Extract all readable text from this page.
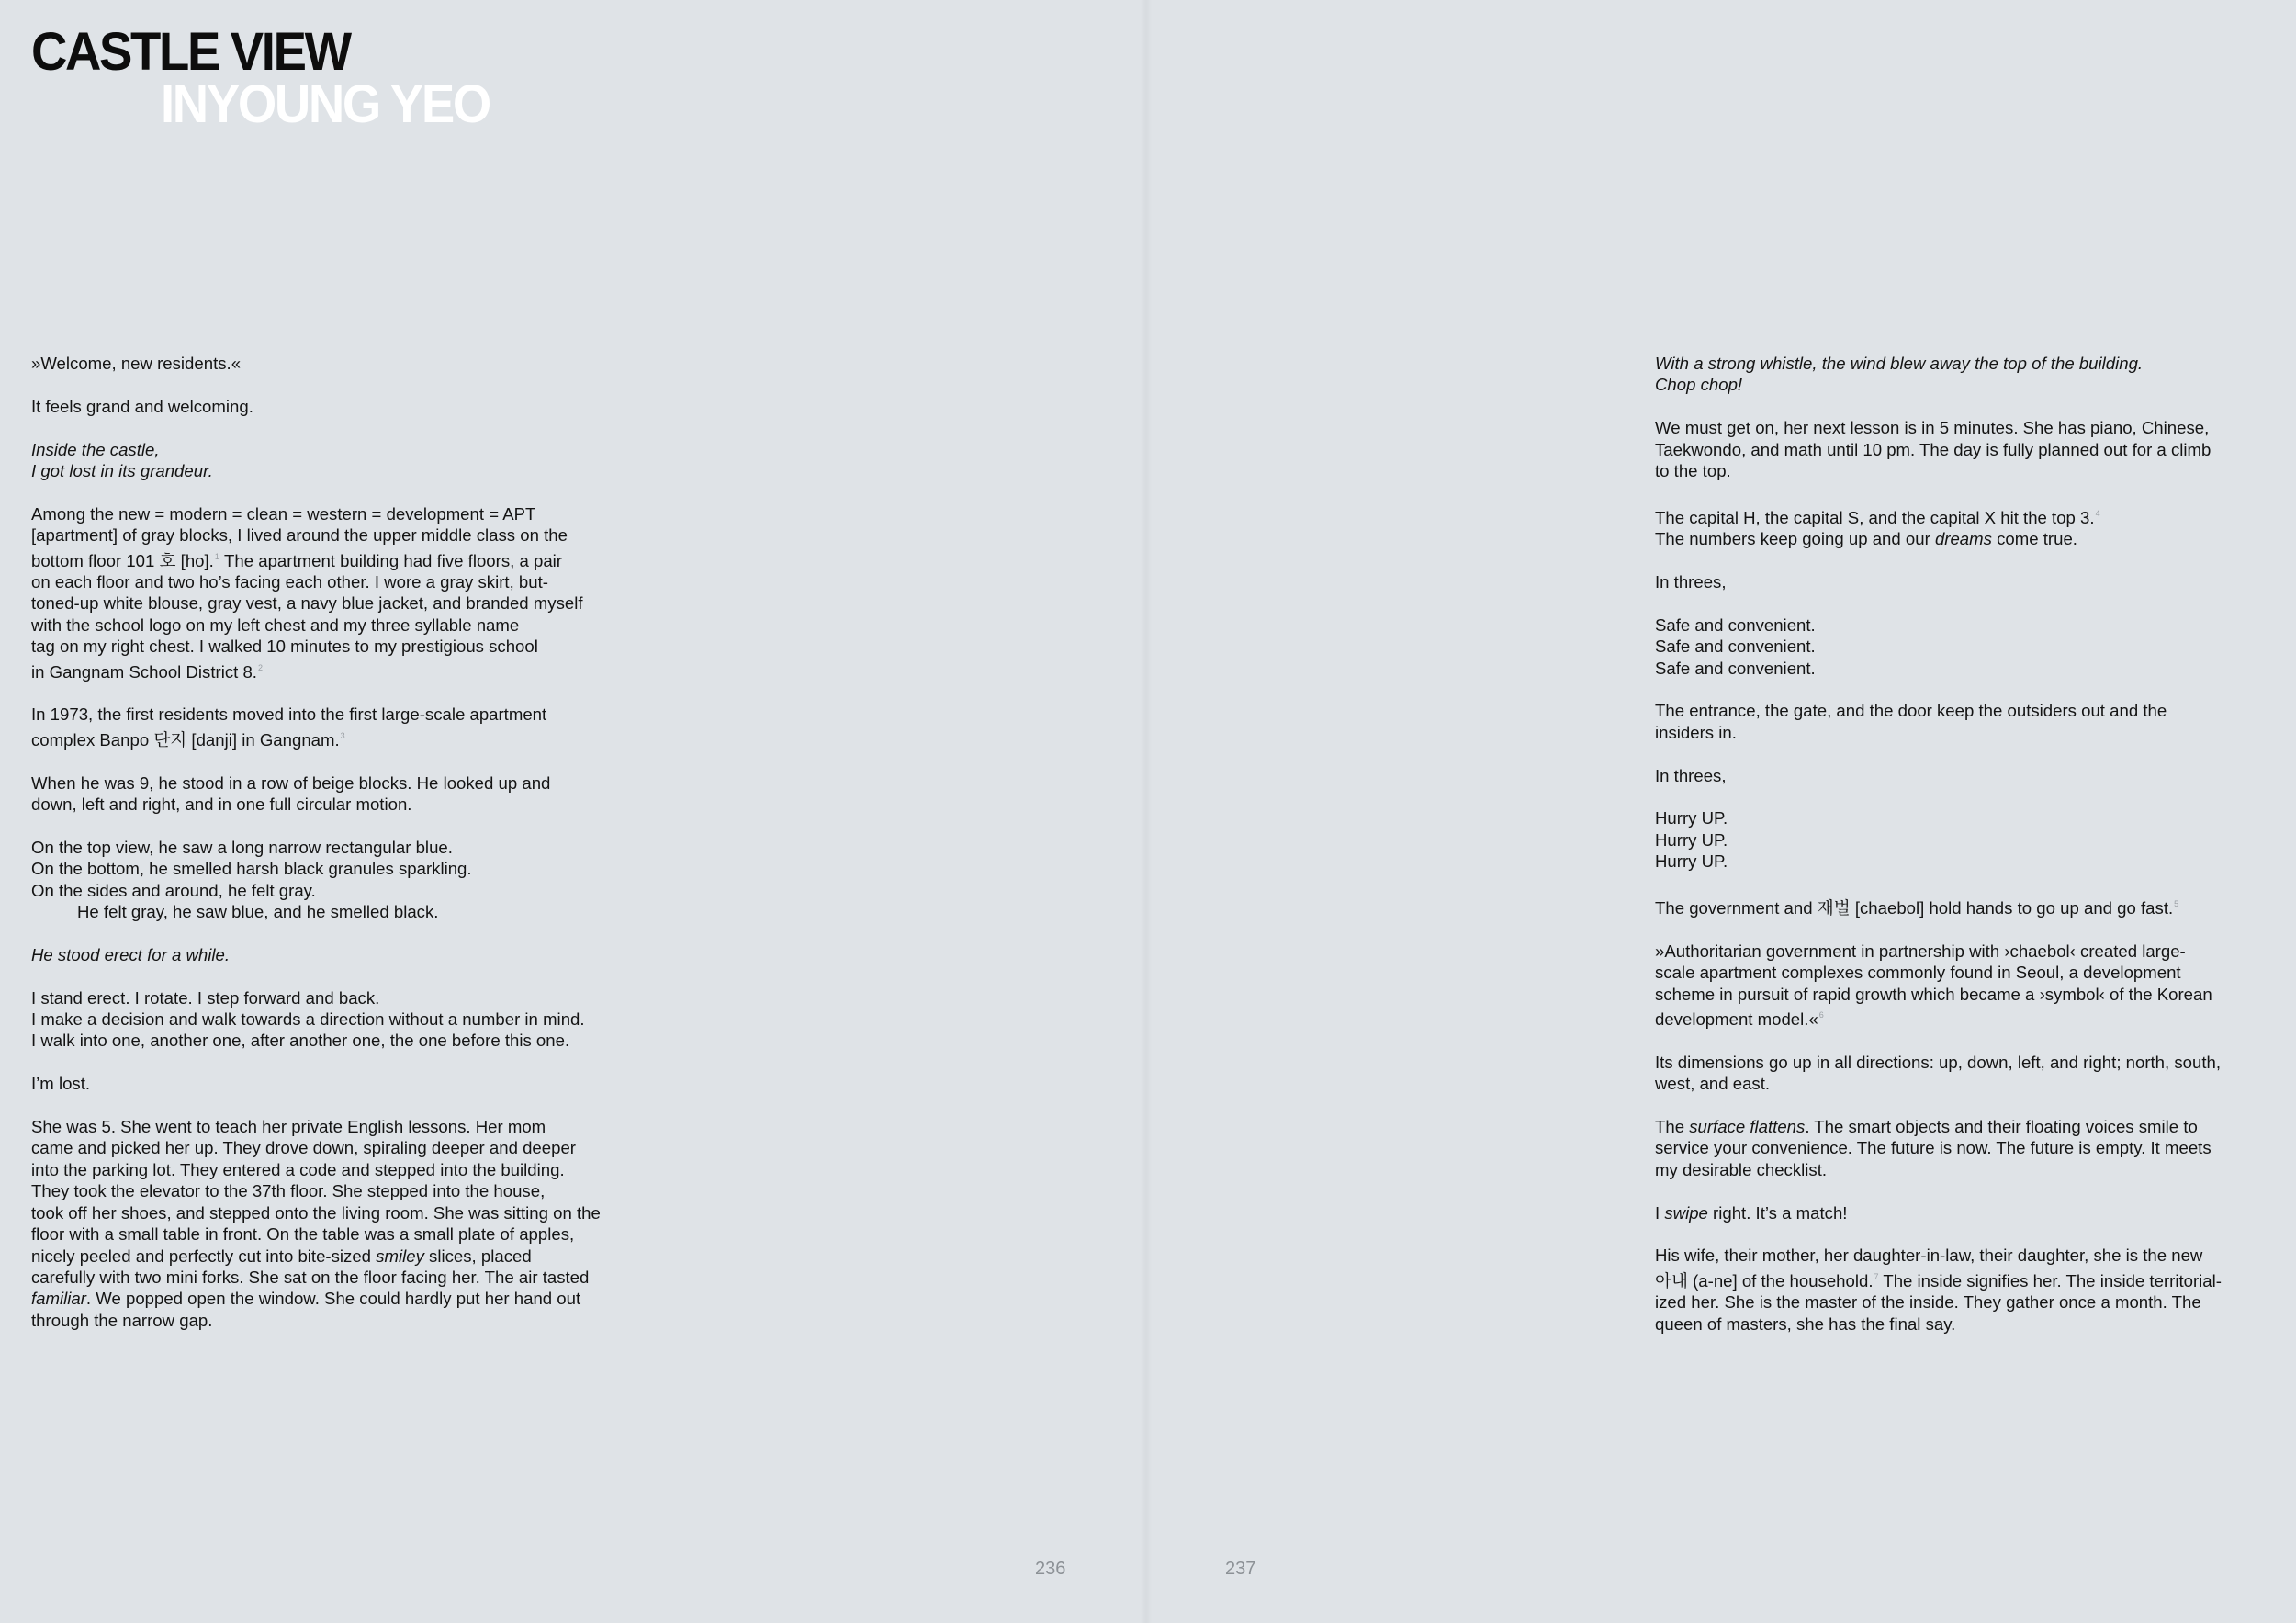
CASTLE VIEW
INYOUNG YEO

»Welcome, new residents.«

It feels grand and welcoming.

Inside the castle,
I got lost in its grandeur.

Among the new = modern = clean = western = development = APT
[apartment] of gray blocks, I lived around the upper middle class on the
bottom floor 101 호 [ho].$^1$ The apartment building had five floors, a pair
on each floor and two ho’s facing each other. I wore a gray skirt, but-
toned-up white blouse, gray vest, a navy blue jacket, and branded myself
with the school logo on my left chest and my three syllable name
tag on my right chest. I walked 10 minutes to my prestigious school
in Gangnam School District 8.$^2$

In 1973, the first residents moved into the first large-scale apartment
complex Banpo 단지 [danji] in Gangnam.$^3$

When he was 9, he stood in a row of beige blocks. He looked up and
down, left and right, and in one full circular motion.

On the top view, he saw a long narrow rectangular blue.
On the bottom, he smelled harsh black granules sparkling.
On the sides and around, he felt gray.
He felt gray, he saw blue, and he smelled black.

He stood erect for a while.

I stand erect. I rotate. I step forward and back.
I make a decision and walk towards a direction without a number in mind.
I walk into one, another one, after another one, the one before this one.

I’m lost.

She was 5. She went to teach her private English lessons. Her mom
came and picked her up. They drove down, spiraling deeper and deeper
into the parking lot. They entered a code and stepped into the building.
They took the elevator to the 37th floor. She stepped into the house,
took off her shoes, and stepped onto the living room. She was sitting on the
floor with a small table in front. On the table was a small plate of apples,
nicely peeled and perfectly cut into bite-sized smiley slices, placed
carefully with two mini forks. She sat on the floor facing her. The air tasted
familiar. We popped open the window. She could hardly put her hand out
through the narrow gap.

236	237

With a strong whistle, the wind blew away the top of the building.
Chop chop!

We must get on, her next lesson is in 5 minutes. She has piano, Chinese,
Taekwondo, and math until 10 pm. The day is fully planned out for a climb
to the top.

The capital H, the capital S, and the capital X hit the top 3.$^4$
The numbers keep going up and our dreams come true.

In threes,

Safe and convenient.
Safe and convenient.
Safe and convenient.

The entrance, the gate, and the door keep the outsiders out and the
insiders in.

In threes,

Hurry UP.
Hurry UP.
Hurry UP.

The government and 재벌 [chaebol] hold hands to go up and go fast.$^5$

»Authoritarian government in partnership with ›chaebol‹ created large-
scale apartment complexes commonly found in Seoul, a development
scheme in pursuit of rapid growth which became a ›symbol‹ of the Korean
development model.«$^6$

Its dimensions go up in all directions: up, down, left, and right; north, south,
west, and east.

The surface flattens. The smart objects and their floating voices smile to
service your convenience. The future is now. The future is empty. It meets
my desirable checklist.

I swipe right. It’s a match!

His wife, their mother, her daughter-in-law, their daughter, she is the new
아내 (a-ne] of the household.$^7$ The inside signifies her. The inside territorial-
ized her. She is the master of the inside. They gather once a month. The
queen of masters, she has the final say.
